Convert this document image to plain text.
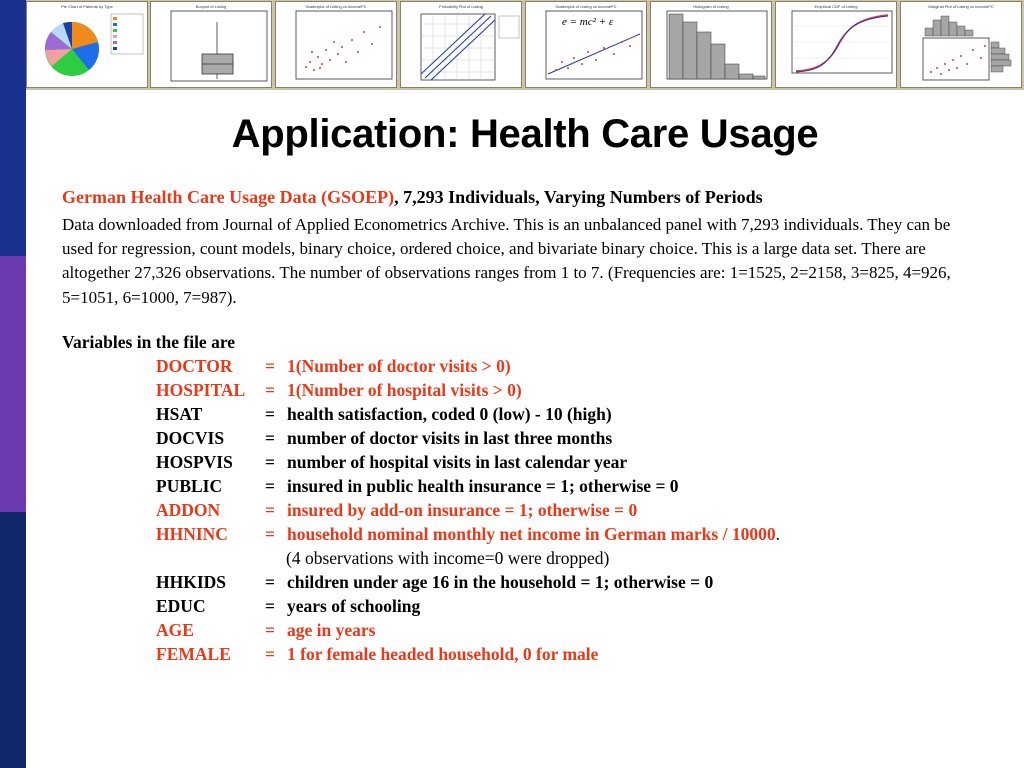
Pie Chart of Patients by Type	Boxplot of Listing	Scatterplot of Listing vs IncomePC	Probability Plot of Listing	Scatterplot of Listing vs IncomePC
e = mc² + ε
Histogram of Listing	Empirical CDF of Listing	Marginal Plot of Listing vs IncomePC
Application: Health Care Usage
German Health Care Usage Data (GSOEP), 7,293 Individuals, Varying Numbers of Periods
Data downloaded from Journal of Applied Econometrics Archive. This is an unbalanced panel with 7,293 individuals. They can be used for regression, count models, binary choice, ordered choice, and bivariate binary choice. This is a large data set. There are altogether 27,326 observations. The number of observations ranges from 1 to 7. (Frequencies are: 1=1525, 2=2158, 3=825, 4=926, 5=1051, 6=1000, 7=987).
Variables in the file are
DOCTOR = 1(Number of doctor visits > 0)
HOSPITAL = 1(Number of hospital visits > 0)
HSAT	= health satisfaction, coded 0 (low) - 10 (high)
DOCVIS = number of doctor visits in last three months
HOSPVIS = number of hospital visits in last calendar year
PUBLIC = insured in public health insurance = 1; otherwise = 0
ADDON	= insured by add-on insurance = 1; otherwise = 0
HHNINC = household nominal monthly net income in German marks / 10000.
(4 observations with income=0 were dropped)
HHKIDS = children under age 16 in the household = 1; otherwise = 0
EDUC	= years of schooling
AGE	= age in years
FEMALE = 1 for female headed household, 0 for male
